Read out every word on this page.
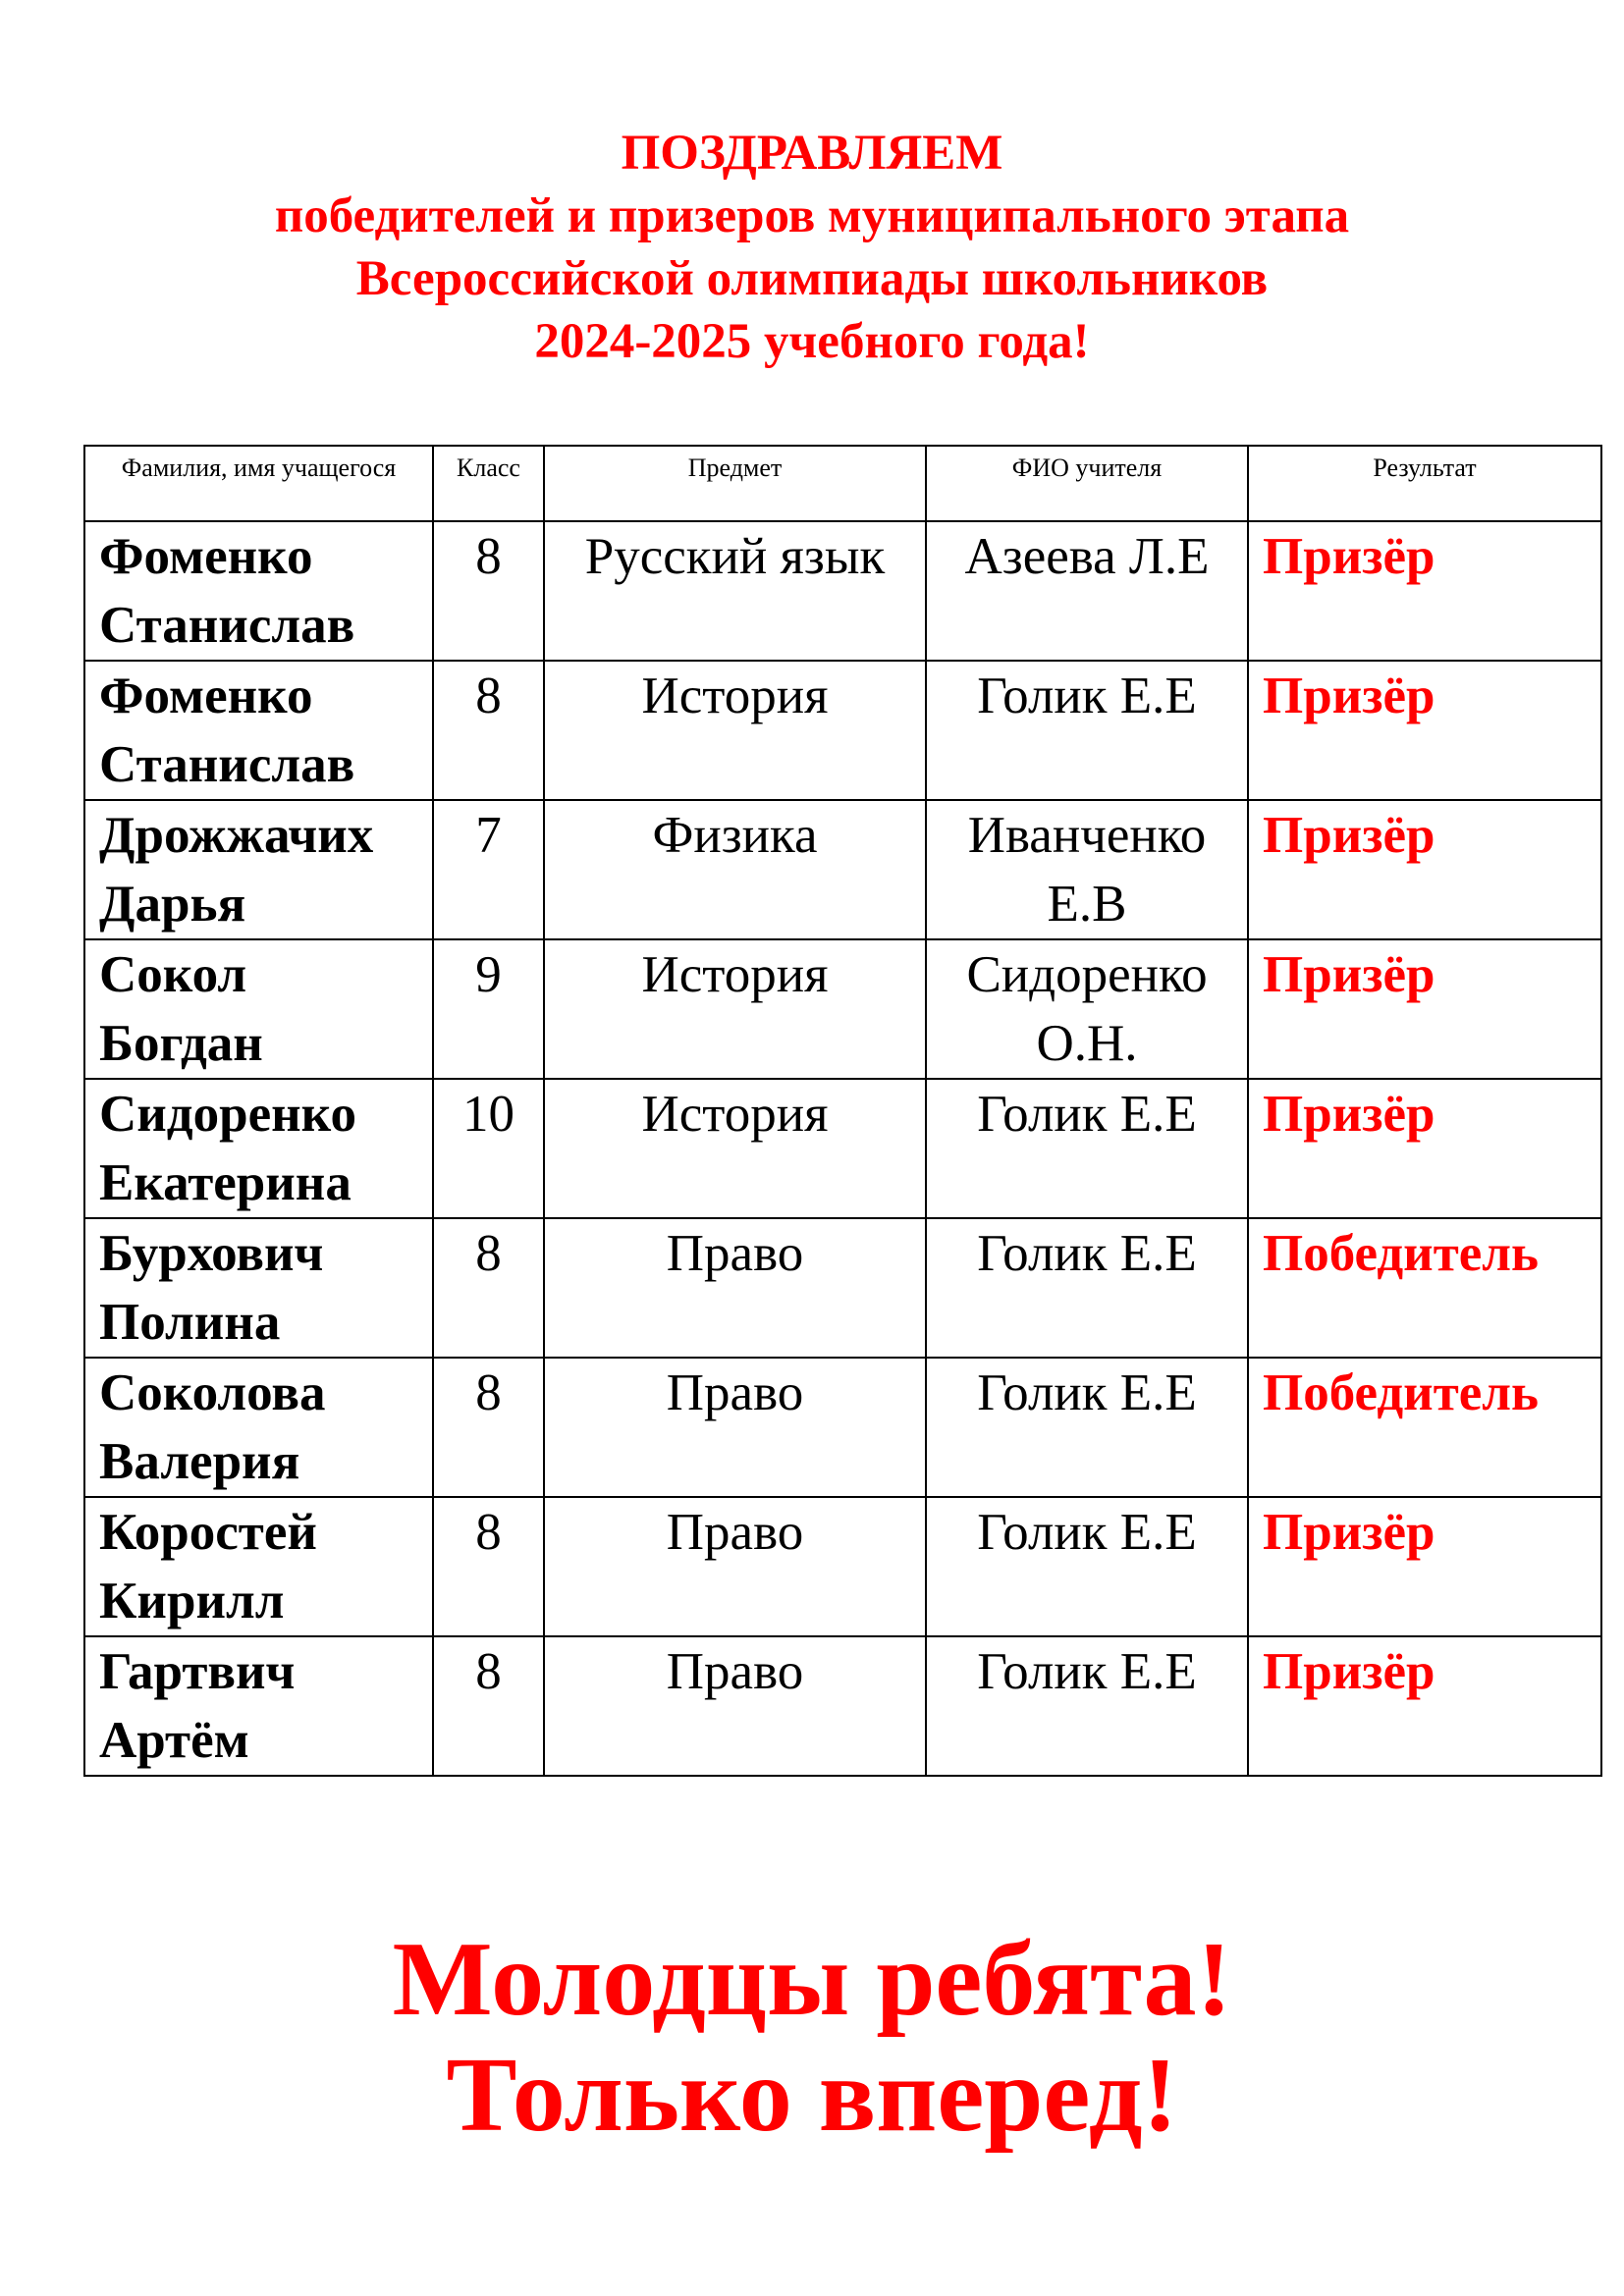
ПОЗДРАВЛЯЕМ
победителей и призеров муниципального этапа
Всероссийской олимпиады школьников
2024-2025 учебного года!
Фамилия, имя учащегося	Класс	Предмет	ФИО учителя	Результат
Фоменко
Станислав	8	Русский язык	Азеева Л.Е	Призёр
Фоменко
Станислав	8	История	Голик Е.Е	Призёр
Дрожжачих
Дарья	7	Физика	Иванченко Е.В	Призёр
Сокол
Богдан	9	История	Сидоренко О.Н.	Призёр
Сидоренко
Екатерина	10	История	Голик Е.Е	Призёр
Бурхович
Полина	8	Право	Голик Е.Е	Победитель
Соколова
Валерия	8	Право	Голик Е.Е	Победитель
Коростей
Кирилл	8	Право	Голик Е.Е	Призёр
Гартвич
Артём	8	Право	Голик Е.Е	Призёр
Молодцы ребята!
Только вперед!
